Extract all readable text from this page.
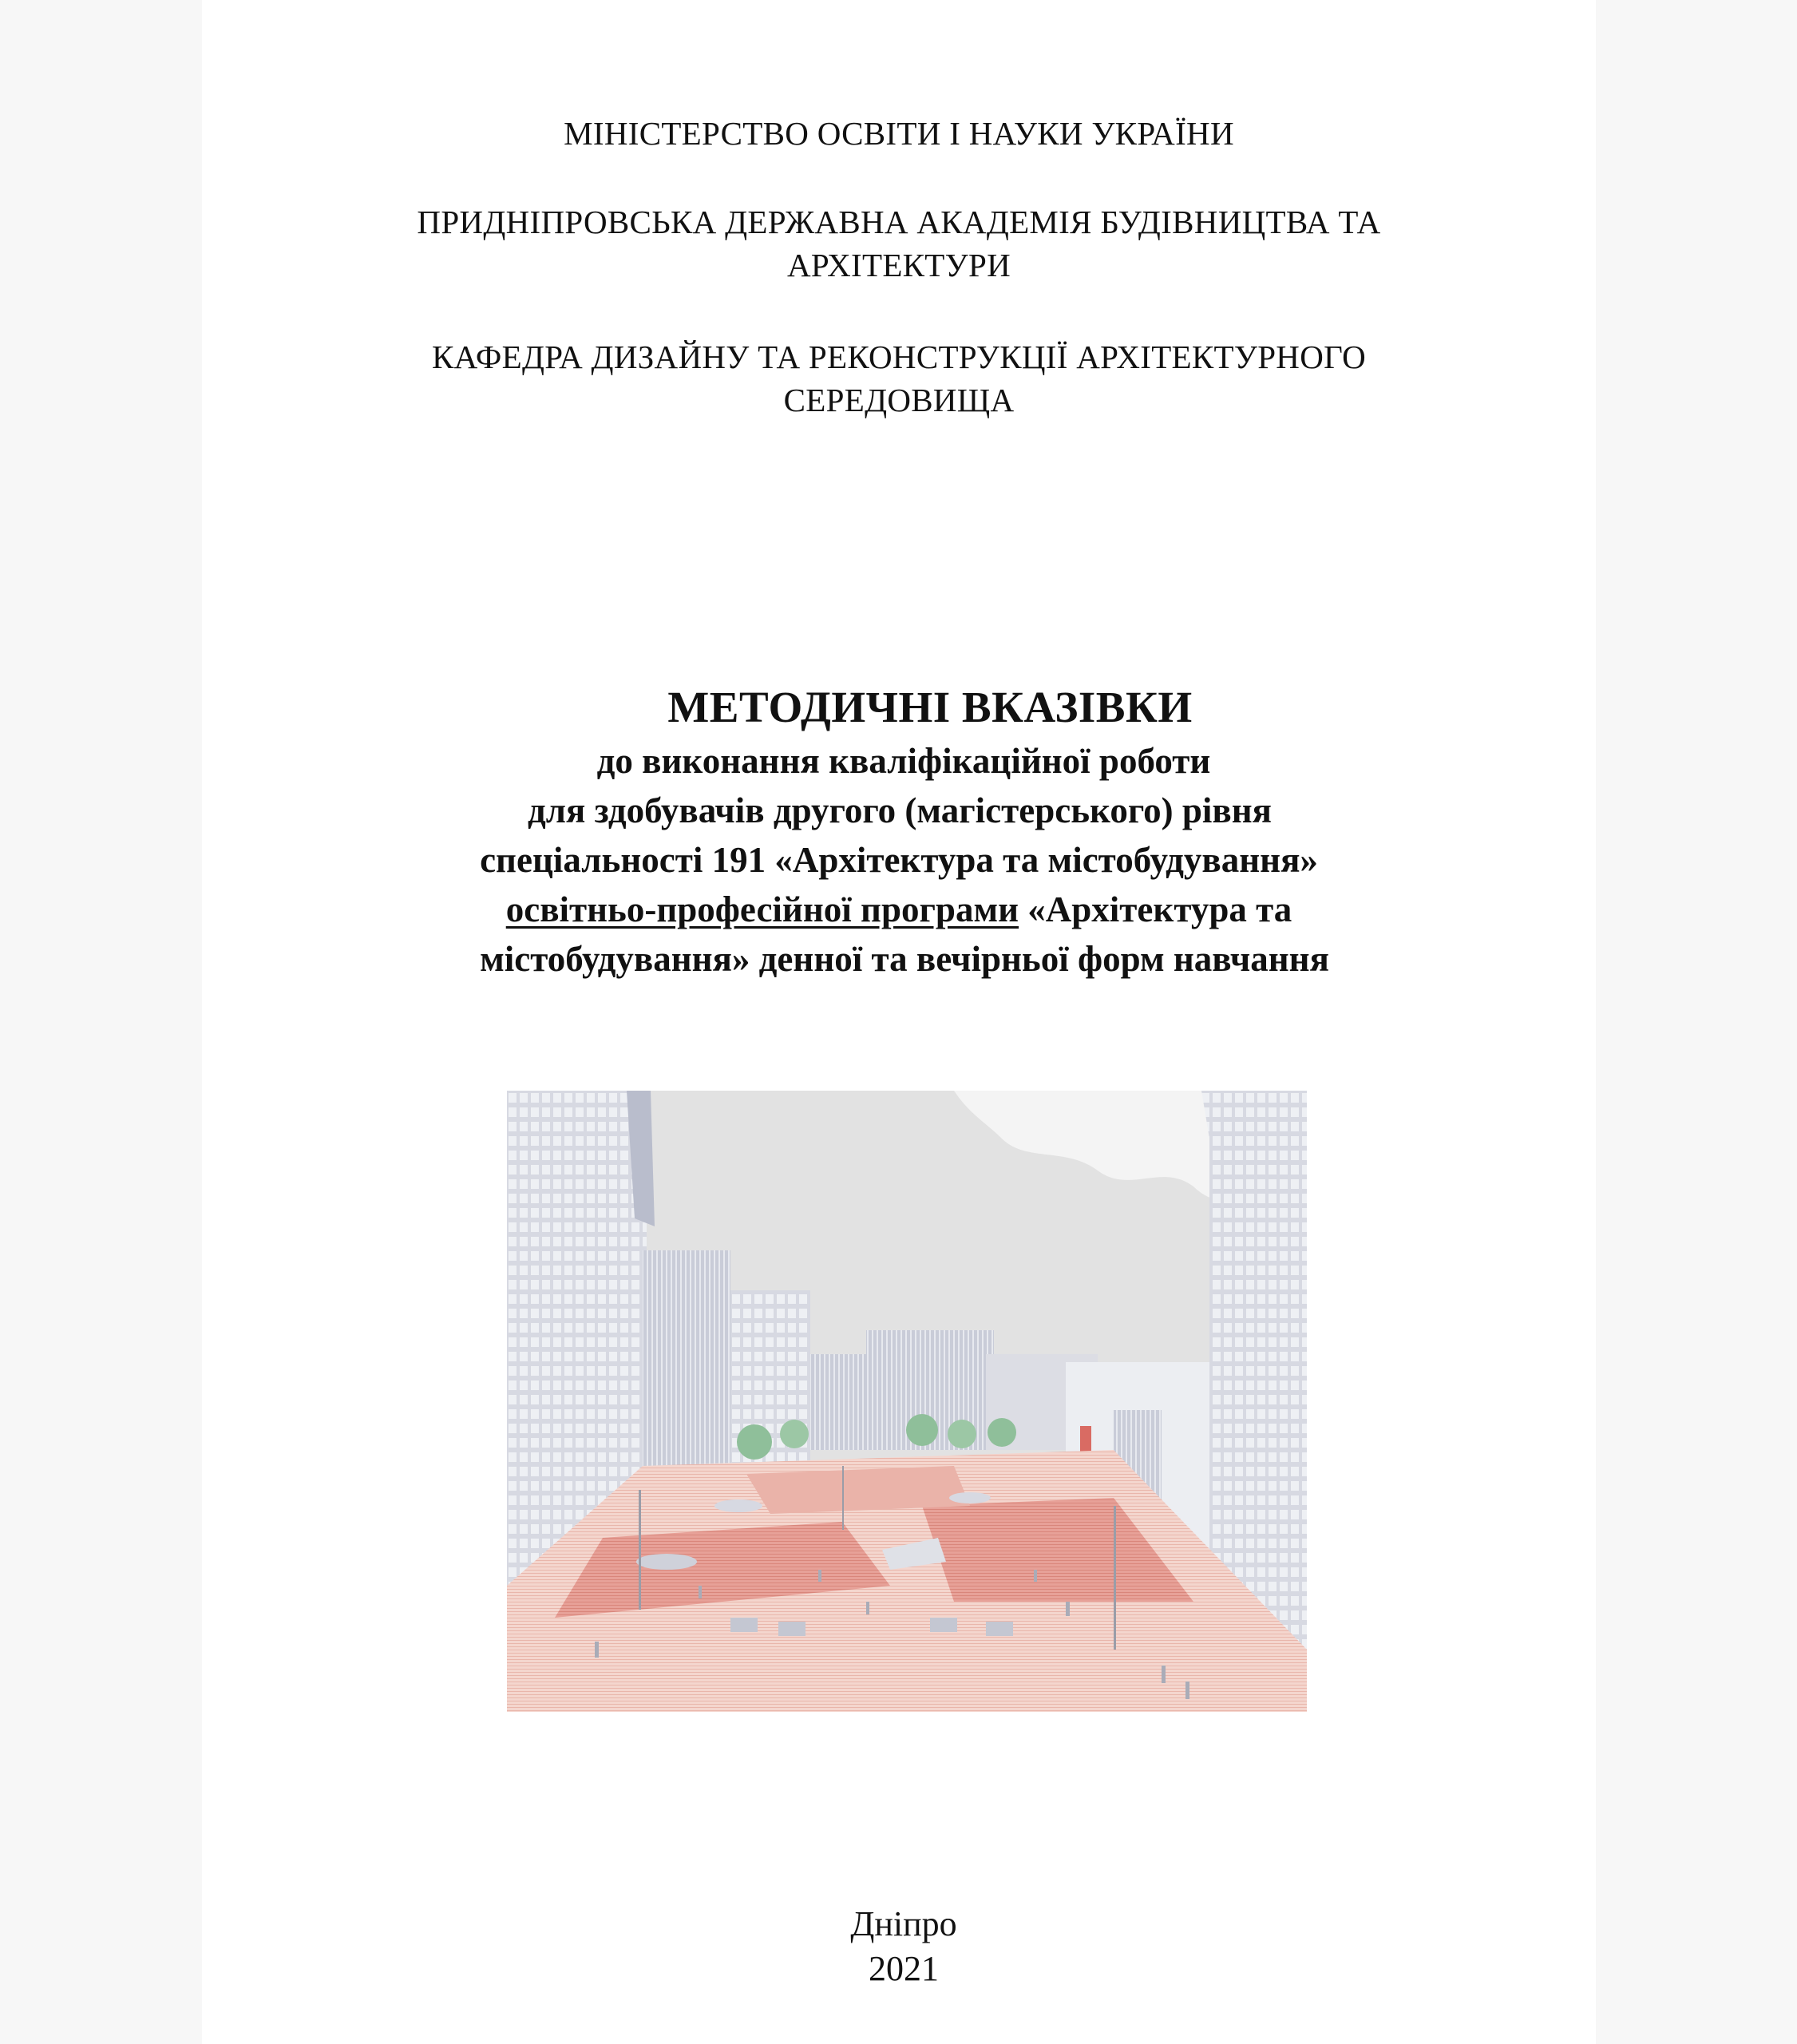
МІНІСТЕРСТВО ОСВІТИ І НАУКИ УКРАЇНИ
ПРИДНІПРОВСЬКА ДЕРЖАВНА АКАДЕМІЯ БУДІВНИЦТВА ТА
АРХІТЕКТУРИ
КАФЕДРА ДИЗАЙНУ ТА РЕКОНСТРУКЦІЇ АРХІТЕКТУРНОГО
СЕРЕДОВИЩА
МЕТОДИЧНІ ВКАЗІВКИ
до виконання кваліфікаційної роботи
для здобувачів другого (магістерського) рівня
спеціальності 191 «Архітектура та містобудування»
освітньо-професійної програми «Архітектура та
містобудування» денної та вечірньої форм навчання
Дніпро
2021
